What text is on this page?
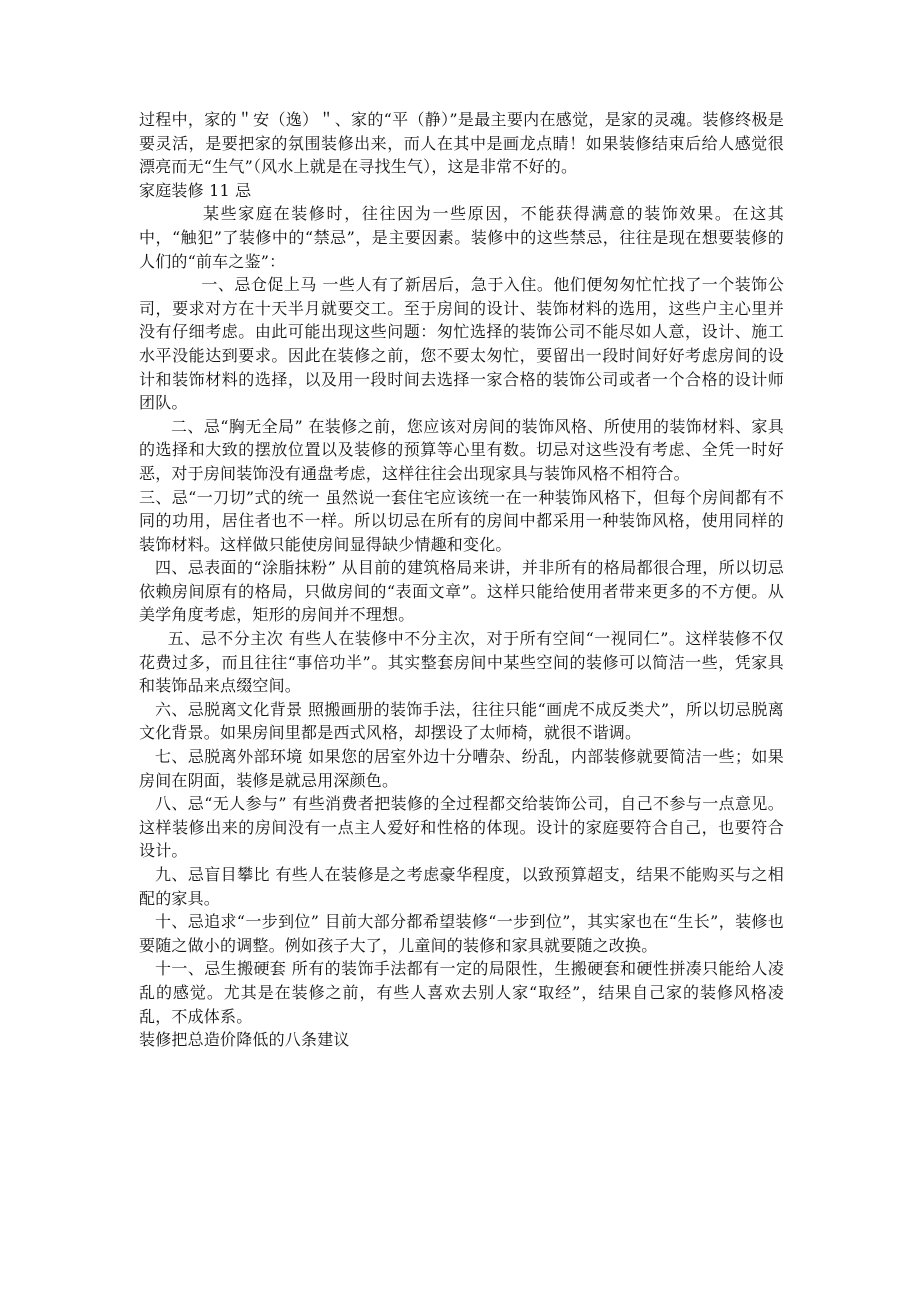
过程中，家的＂安（逸）＂、家的“平（静）”是最主要内在感觉，是家的灵魂。装修终极是要灵活，是要把家的氛围装修出来，而人在其中是画龙点睛！如果装修结束后给人感觉很漂亮而无“生气”（风水上就是在寻找生气），这是非常不好的。

家庭装修 11 忌

某些家庭在装修时，往往因为一些原因，不能获得满意的装饰效果。在这其中，“触犯”了装修中的“禁忌”，是主要因素。装修中的这些禁忌，往往是现在想要装修的人们的“前车之鉴”：

一、忌仓促上马 一些人有了新居后，急于入住。他们便匆匆忙忙找了一个装饰公司，要求对方在十天半月就要交工。至于房间的设计、装饰材料的选用，这些户主心里并没有仔细考虑。由此可能出现这些问题：匆忙选择的装饰公司不能尽如人意，设计、施工水平没能达到要求。因此在装修之前，您不要太匆忙，要留出一段时间好好考虑房间的设计和装饰材料的选择，以及用一段时间去选择一家合格的装饰公司或者一个合格的设计师团队。

二、忌“胸无全局” 在装修之前，您应该对房间的装饰风格、所使用的装饰材料、家具的选择和大致的摆放位置以及装修的预算等心里有数。切忌对这些没有考虑、全凭一时好恶，对于房间装饰没有通盘考虑，这样往往会出现家具与装饰风格不相符合。

三、忌“一刀切”式的统一 虽然说一套住宅应该统一在一种装饰风格下，但每个房间都有不同的功用，居住者也不一样。所以切忌在所有的房间中都采用一种装饰风格，使用同样的装饰材料。这样做只能使房间显得缺少情趣和变化。

四、忌表面的“涂脂抹粉” 从目前的建筑格局来讲，并非所有的格局都很合理，所以切忌依赖房间原有的格局，只做房间的“表面文章”。这样只能给使用者带来更多的不方便。从美学角度考虑，矩形的房间并不理想。

五、忌不分主次 有些人在装修中不分主次，对于所有空间“一视同仁”。这样装修不仅花费过多，而且往往“事倍功半”。其实整套房间中某些空间的装修可以简洁一些，凭家具和装饰品来点缀空间。

六、忌脱离文化背景 照搬画册的装饰手法，往往只能“画虎不成反类犬”，所以切忌脱离文化背景。如果房间里都是西式风格，却摆设了太师椅，就很不谐调。

七、忌脱离外部环境 如果您的居室外边十分嘈杂、纷乱，内部装修就要简洁一些；如果房间在阴面，装修是就忌用深颜色。

八、忌“无人参与” 有些消费者把装修的全过程都交给装饰公司，自己不参与一点意见。这样装修出来的房间没有一点主人爱好和性格的体现。设计的家庭要符合自己，也要符合设计。

九、忌盲目攀比 有些人在装修是之考虑豪华程度，以致预算超支，结果不能购买与之相配的家具。

十、忌追求“一步到位” 目前大部分都希望装修“一步到位”，其实家也在“生长”，装修也要随之做小的调整。例如孩子大了，儿童间的装修和家具就要随之改换。

十一、忌生搬硬套 所有的装饰手法都有一定的局限性，生搬硬套和硬性拼凑只能给人凌乱的感觉。尤其是在装修之前，有些人喜欢去别人家“取经”，结果自己家的装修风格凌乱，不成体系。

装修把总造价降低的八条建议
